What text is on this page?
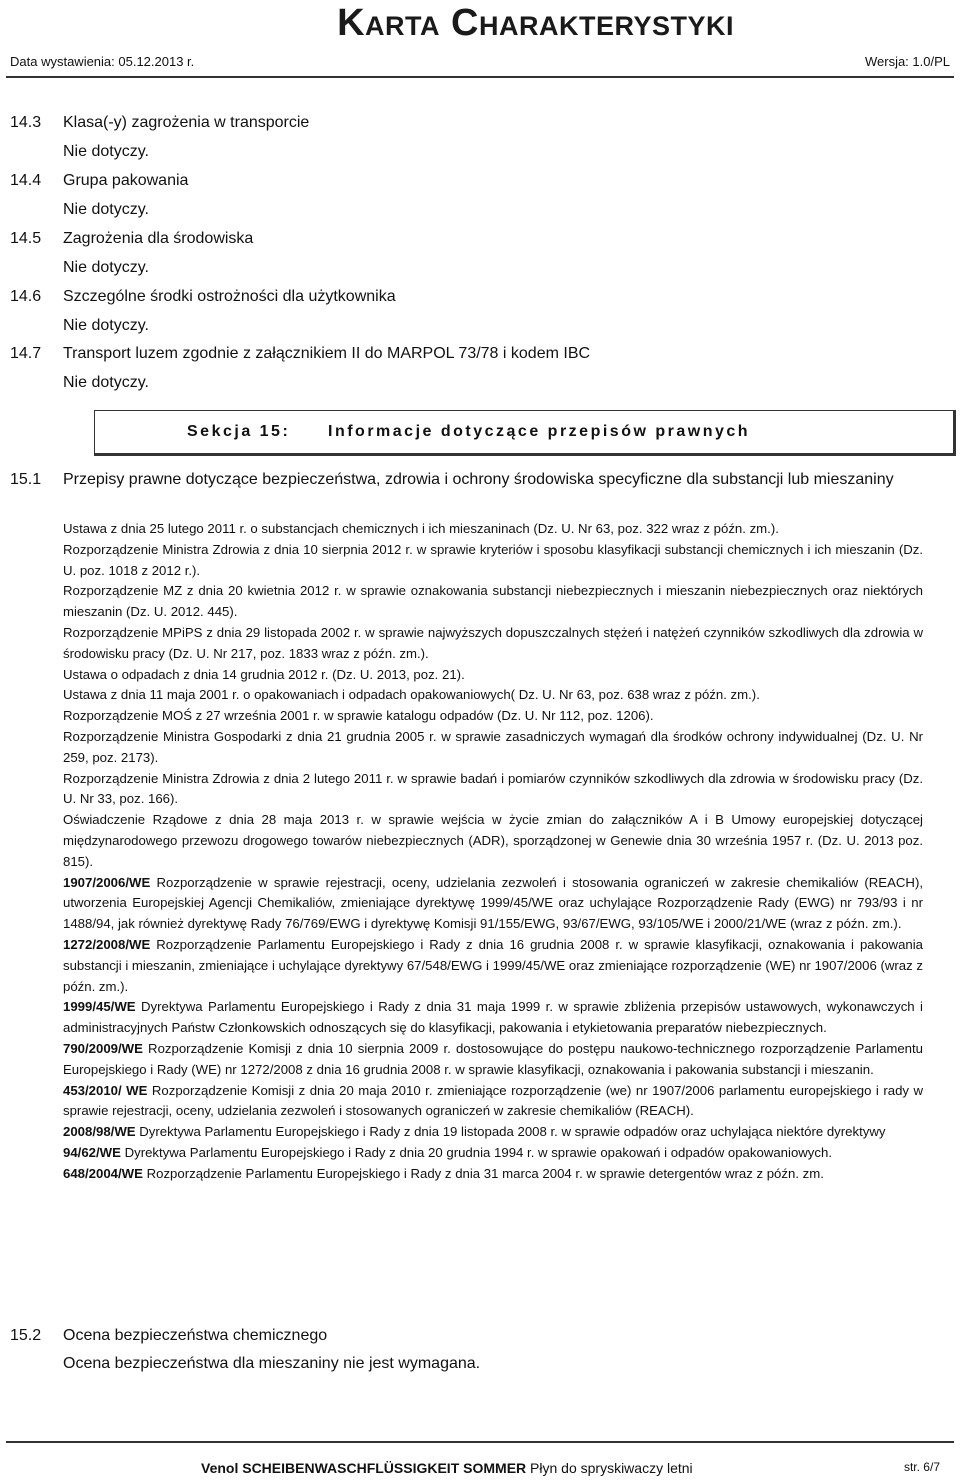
Karta Charakterystyki
Data wystawienia: 05.12.2013 r.	Wersja: 1.0/PL
14.3 Klasa(-y) zagrożenia w transporcie
Nie dotyczy.
14.4 Grupa pakowania
Nie dotyczy.
14.5 Zagrożenia dla środowiska
Nie dotyczy.
14.6 Szczególne środki ostrożności dla użytkownika
Nie dotyczy.
14.7 Transport luzem zgodnie z załącznikiem II do MARPOL 73/78 i kodem IBC
Nie dotyczy.
Sekcja 15: Informacje dotyczące przepisów prawnych
15.1 Przepisy prawne dotyczące bezpieczeństwa, zdrowia i ochrony środowiska specyficzne dla substancji lub mieszaniny
Ustawa z dnia 25 lutego 2011 r. o substancjach chemicznych i ich mieszaninach (Dz. U. Nr 63, poz. 322 wraz z późn. zm.).
Rozporządzenie Ministra Zdrowia z dnia 10 sierpnia 2012 r. w sprawie kryteriów i sposobu klasyfikacji substancji chemicznych i ich mieszanin (Dz. U. poz. 1018 z 2012 r.).
Rozporządzenie MZ z dnia 20 kwietnia 2012 r. w sprawie oznakowania substancji niebezpiecznych i mieszanin niebezpiecznych oraz niektórych mieszanin (Dz. U. 2012. 445).
Rozporządzenie MPiPS z dnia 29 listopada 2002 r. w sprawie najwyższych dopuszczalnych stężeń i natężeń czynników szkodliwych dla zdrowia w środowisku pracy (Dz. U. Nr 217, poz. 1833 wraz z późn. zm.).
Ustawa o odpadach z dnia 14 grudnia 2012 r. (Dz. U. 2013, poz. 21).
Ustawa z dnia 11 maja 2001 r. o opakowaniach i odpadach opakowaniowych( Dz. U. Nr 63, poz. 638 wraz z późn. zm.).
Rozporządzenie MOŚ z 27 września 2001 r. w sprawie katalogu odpadów (Dz. U. Nr 112, poz. 1206).
Rozporządzenie Ministra Gospodarki z dnia 21 grudnia 2005 r. w sprawie zasadniczych wymagań dla środków ochrony indywidualnej (Dz. U. Nr 259, poz. 2173).
Rozporządzenie Ministra Zdrowia z dnia 2 lutego 2011 r. w sprawie badań i pomiarów czynników szkodliwych dla zdrowia w środowisku pracy (Dz. U. Nr 33, poz. 166).
Oświadczenie Rządowe z dnia 28 maja 2013 r. w sprawie wejścia w życie zmian do załączników A i B Umowy europejskiej dotyczącej międzynarodowego przewozu drogowego towarów niebezpiecznych (ADR), sporządzonej w Genewie dnia 30 września 1957 r. (Dz. U. 2013 poz. 815).
1907/2006/WE Rozporządzenie w sprawie rejestracji, oceny, udzielania zezwoleń i stosowania ograniczeń w zakresie chemikaliów (REACH), utworzenia Europejskiej Agencji Chemikaliów, zmieniające dyrektywę 1999/45/WE oraz uchylające Rozporządzenie Rady (EWG) nr 793/93 i nr 1488/94, jak również dyrektywę Rady 76/769/EWG i dyrektywę Komisji 91/155/EWG, 93/67/EWG, 93/105/WE i 2000/21/WE (wraz z późn. zm.).
1272/2008/WE Rozporządzenie Parlamentu Europejskiego i Rady z dnia 16 grudnia 2008 r. w sprawie klasyfikacji, oznakowania i pakowania substancji i mieszanin, zmieniające i uchylające dyrektywy 67/548/EWG i 1999/45/WE oraz zmieniające rozporządzenie (WE) nr 1907/2006 (wraz z późn. zm.).
1999/45/WE Dyrektywa Parlamentu Europejskiego i Rady z dnia 31 maja 1999 r. w sprawie zbliżenia przepisów ustawowych, wykonawczych i administracyjnych Państw Członkowskich odnoszących się do klasyfikacji, pakowania i etykietowania preparatów niebezpiecznych.
790/2009/WE Rozporządzenie Komisji z dnia 10 sierpnia 2009 r. dostosowujące do postępu naukowo-technicznego rozporządzenie Parlamentu Europejskiego i Rady (WE) nr 1272/2008 z dnia 16 grudnia 2008 r. w sprawie klasyfikacji, oznakowania i pakowania substancji i mieszanin.
453/2010/ WE Rozporządzenie Komisji z dnia 20 maja 2010 r. zmieniające rozporządzenie (we) nr 1907/2006 parlamentu europejskiego i rady w sprawie rejestracji, oceny, udzielania zezwoleń i stosowanych ograniczeń w zakresie chemikaliów (REACH).
2008/98/WE Dyrektywa Parlamentu Europejskiego i Rady z dnia 19 listopada 2008 r. w sprawie odpadów oraz uchylająca niektóre dyrektywy
94/62/WE Dyrektywa Parlamentu Europejskiego i Rady z dnia 20 grudnia 1994 r. w sprawie opakowań i odpadów opakowaniowych.
648/2004/WE Rozporządzenie Parlamentu Europejskiego i Rady z dnia 31 marca 2004 r. w sprawie detergentów wraz z późn. zm.
15.2 Ocena bezpieczeństwa chemicznego
Ocena bezpieczeństwa dla mieszaniny nie jest wymagana.
Venol SCHEIBENWASCHFLÜSSIGKEIT SOMMER Płyn do spryskiwaczy letni	str. 6/7
